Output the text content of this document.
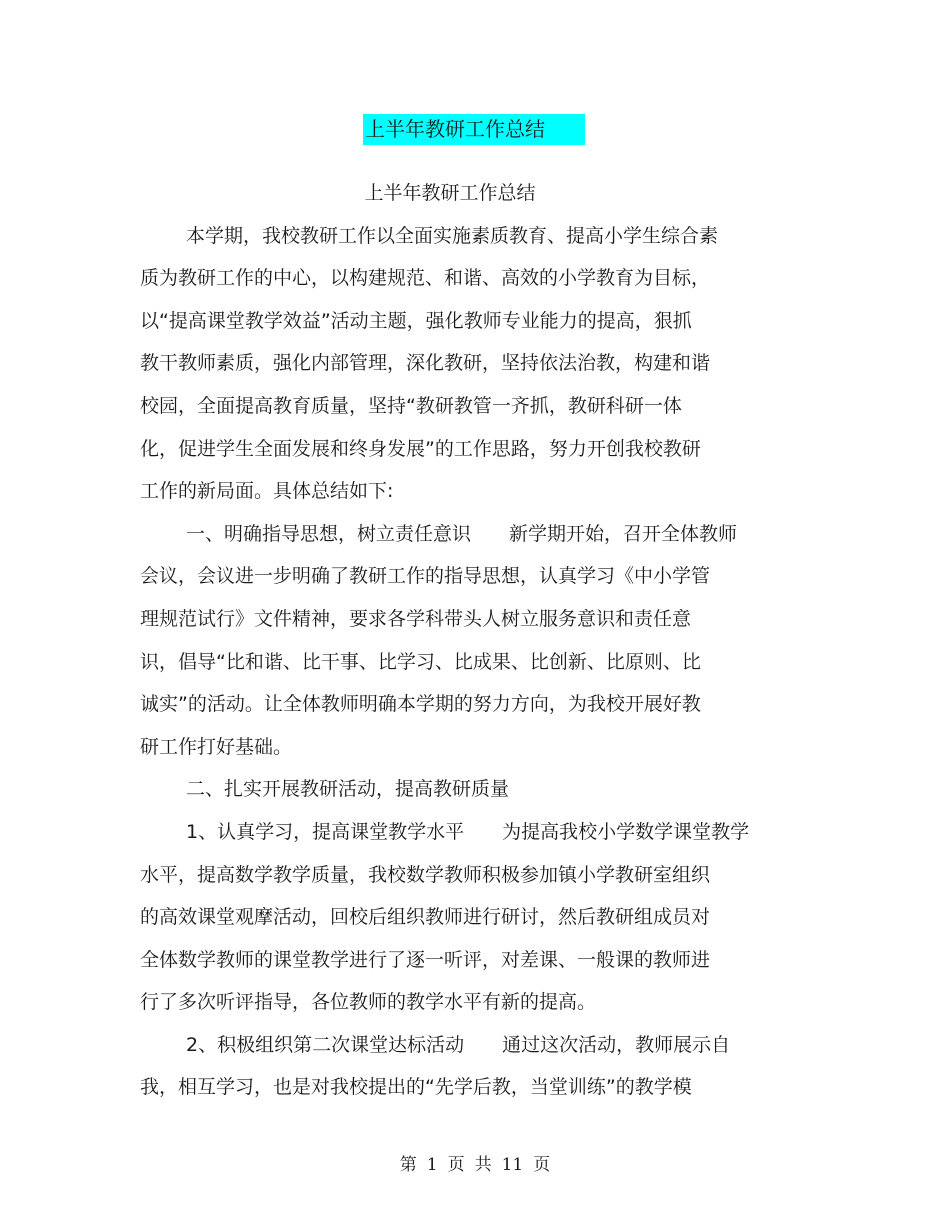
上半年教研工作总结
上半年教研工作总结
本学期，我校教研工作以全面实施素质教育、提高小学生综合素
质为教研工作的中心，以构建规范、和谐、高效的小学教育为目标，
以“提高课堂教学效益”活动主题，强化教师专业能力的提高，狠抓
教干教师素质，强化内部管理，深化教研，坚持依法治教，构建和谐
校园，全面提高教育质量，坚持“教研教管一齐抓，教研科研一体
化，促进学生全面发展和终身发展”的工作思路，努力开创我校教研
工作的新局面。具体总结如下:
一、明确指导思想，树立责任意识 新学期开始，召开全体教师
会议，会议进一步明确了教研工作的指导思想，认真学习《中小学管
理规范试行》文件精神，要求各学科带头人树立服务意识和责任意
识，倡导“比和谐、比干事、比学习、比成果、比创新、比原则、比
诚实”的活动。让全体教师明确本学期的努力方向，为我校开展好教
研工作打好基础。
二、扎实开展教研活动，提高教研质量
1、认真学习，提高课堂教学水平 为提高我校小学数学课堂教学
水平，提高数学教学质量，我校数学教师积极参加镇小学教研室组织
的高效课堂观摩活动，回校后组织教师进行研讨，然后教研组成员对
全体数学教师的课堂教学进行了逐一听评，对差课、一般课的教师进
行了多次听评指导，各位教师的教学水平有新的提高。
2、积极组织第二次课堂达标活动 通过这次活动，教师展示自
我，相互学习，也是对我校提出的“先学后教，当堂训练”的教学模
第 1 页 共 11 页
